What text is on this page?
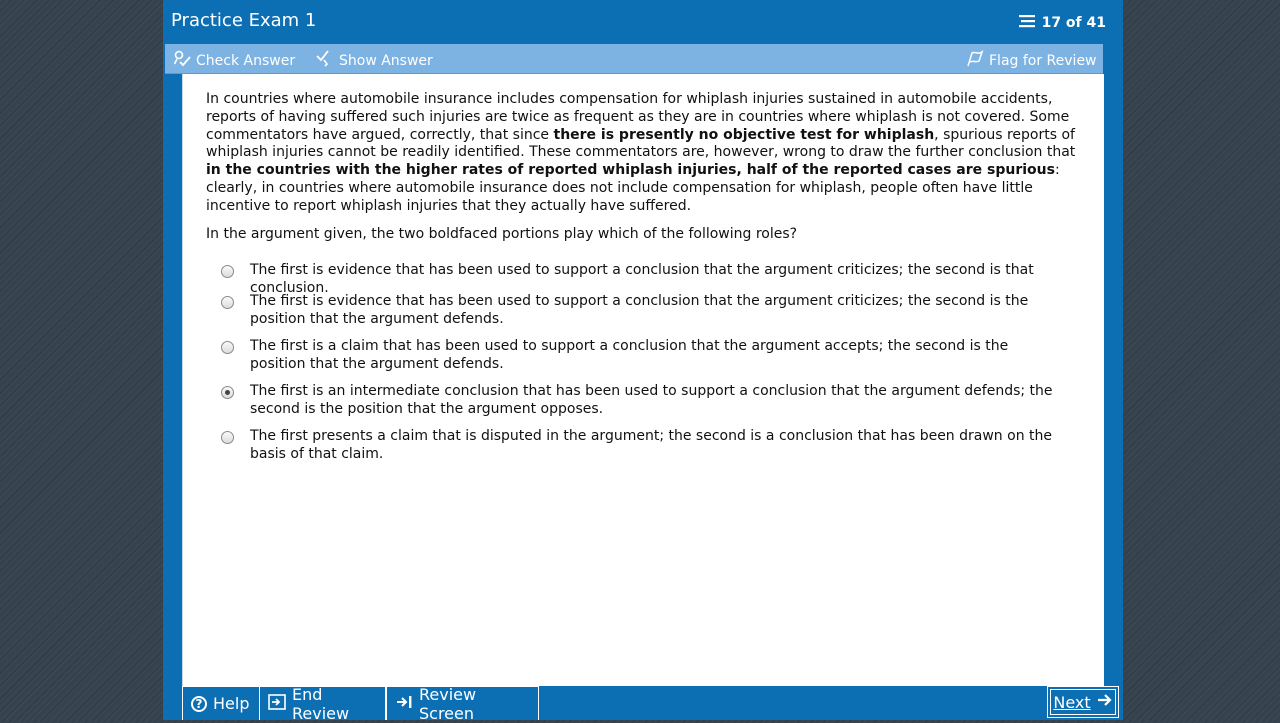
Practice Exam 1	17 of 41
Check Answer	Show Answer	Flag for Review

In countries where automobile insurance includes compensation for whiplash injuries sustained in automobile accidents, reports of having suffered such injuries are twice as frequent as they are in countries where whiplash is not covered. Some commentators have argued, correctly, that since there is presently no objective test for whiplash, spurious reports of whiplash injuries cannot be readily identified. These commentators are, however, wrong to draw the further conclusion that in the countries with the higher rates of reported whiplash injuries, half of the reported cases are spurious: clearly, in countries where automobile insurance does not include compensation for whiplash, people often have little incentive to report whiplash injuries that they actually have suffered.

In the argument given, the two boldfaced portions play which of the following roles?

The first is evidence that has been used to support a conclusion that the argument criticizes; the second is that conclusion.
The first is evidence that has been used to support a conclusion that the argument criticizes; the second is the position that the argument defends.
The first is a claim that has been used to support a conclusion that the argument accepts; the second is the position that the argument defends.
The first is an intermediate conclusion that has been used to support a conclusion that the argument defends; the second is the position that the argument opposes.
The first presents a claim that is disputed in the argument; the second is a conclusion that has been drawn on the basis of that claim.
? Help	End Review
Review Screen
Next
